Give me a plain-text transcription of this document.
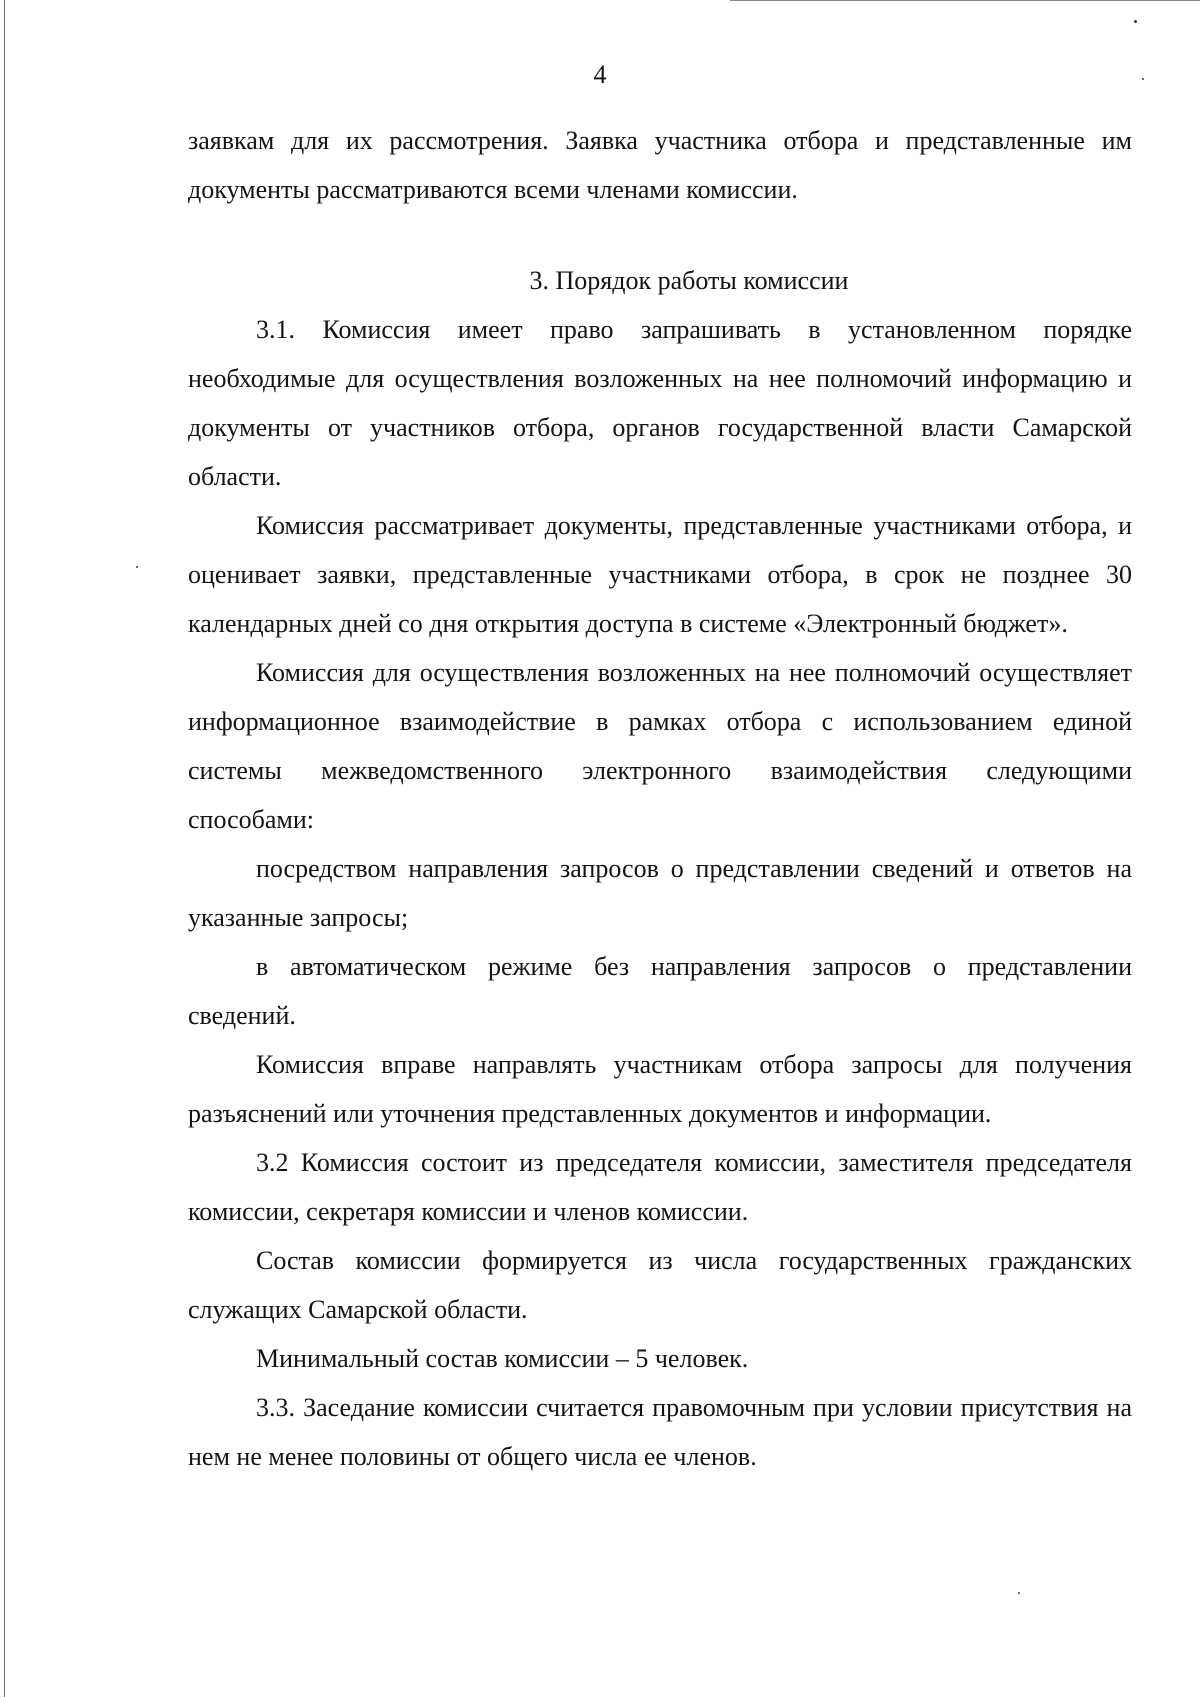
4

заявкам для их рассмотрения. Заявка участника отбора и представленные им документы рассматриваются всеми членами комиссии.

3. Порядок работы комиссии

3.1. Комиссия имеет право запрашивать в установленном порядке необходимые для осуществления возложенных на нее полномочий информацию и документы от участников отбора, органов государственной власти Самарской области.

Комиссия рассматривает документы, представленные участниками отбора, и оценивает заявки, представленные участниками отбора, в срок не позднее 30 календарных дней со дня открытия доступа в системе «Электронный бюджет».

Комиссия для осуществления возложенных на нее полномочий осуществляет информационное взаимодействие в рамках отбора с использованием единой системы межведомственного электронного взаимодействия следующими способами:

посредством направления запросов о представлении сведений и ответов на указанные запросы;

в автоматическом режиме без направления запросов о представлении сведений.

Комиссия вправе направлять участникам отбора запросы для получения разъяснений или уточнения представленных документов и информации.

3.2 Комиссия состоит из председателя комиссии, заместителя председателя комиссии, секретаря комиссии и членов комиссии.

Состав комиссии формируется из числа государственных гражданских служащих Самарской области.

Минимальный состав комиссии – 5 человек.

3.3. Заседание комиссии считается правомочным при условии присутствия на нем не менее половины от общего числа ее членов.
